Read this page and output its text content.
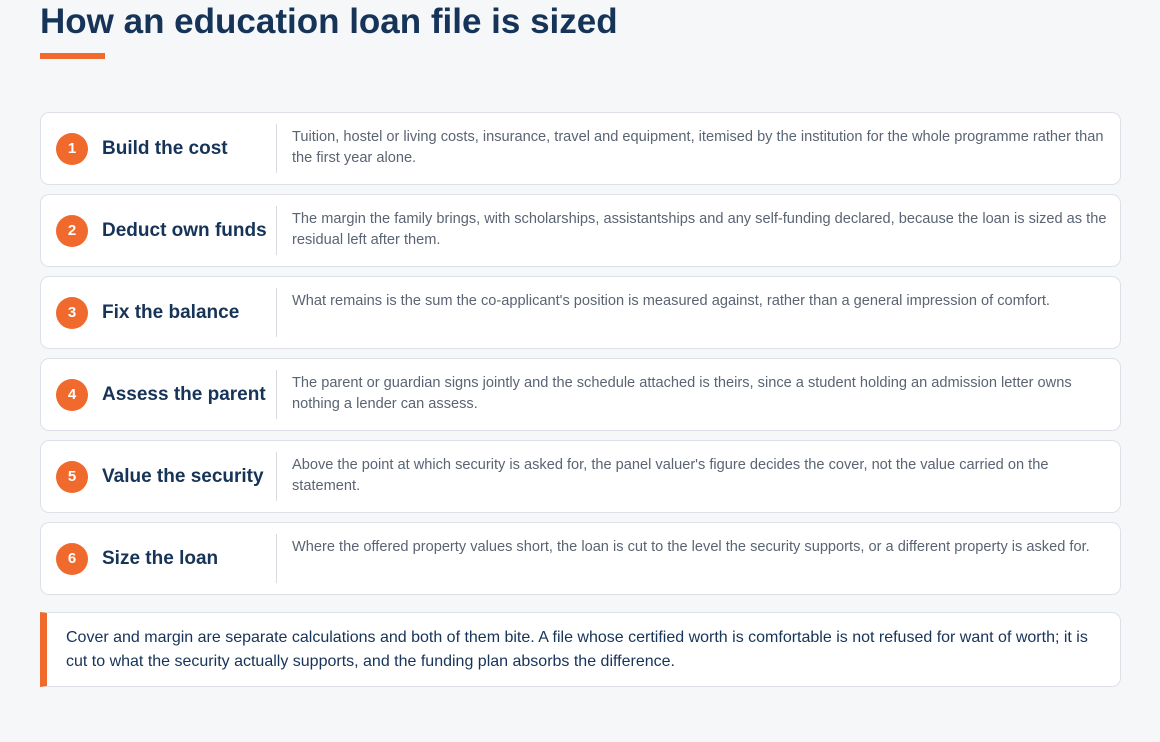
How an education loan file is sized
1	Build the cost
Tuition, hostel or living costs, insurance, travel and equipment, itemised by the institution for the whole programme rather than the first year alone.
2	Deduct own funds
The margin the family brings, with scholarships, assistantships and any self-funding declared, because the loan is sized as the residual left after them.
3	Fix the balance
What remains is the sum the co-applicant's position is measured against, rather than a general impression of comfort.
4	Assess the parent
The parent or guardian signs jointly and the schedule attached is theirs, since a student holding an admission letter owns nothing a lender can assess.
5	Value the security
Above the point at which security is asked for, the panel valuer's figure decides the cover, not the value carried on the statement.
6	Size the loan
Where the offered property values short, the loan is cut to the level the security supports, or a different property is asked for.
Cover and margin are separate calculations and both of them bite. A file whose certified worth is comfortable is not refused for want of worth; it is cut to what the security actually supports, and the funding plan absorbs the difference.
